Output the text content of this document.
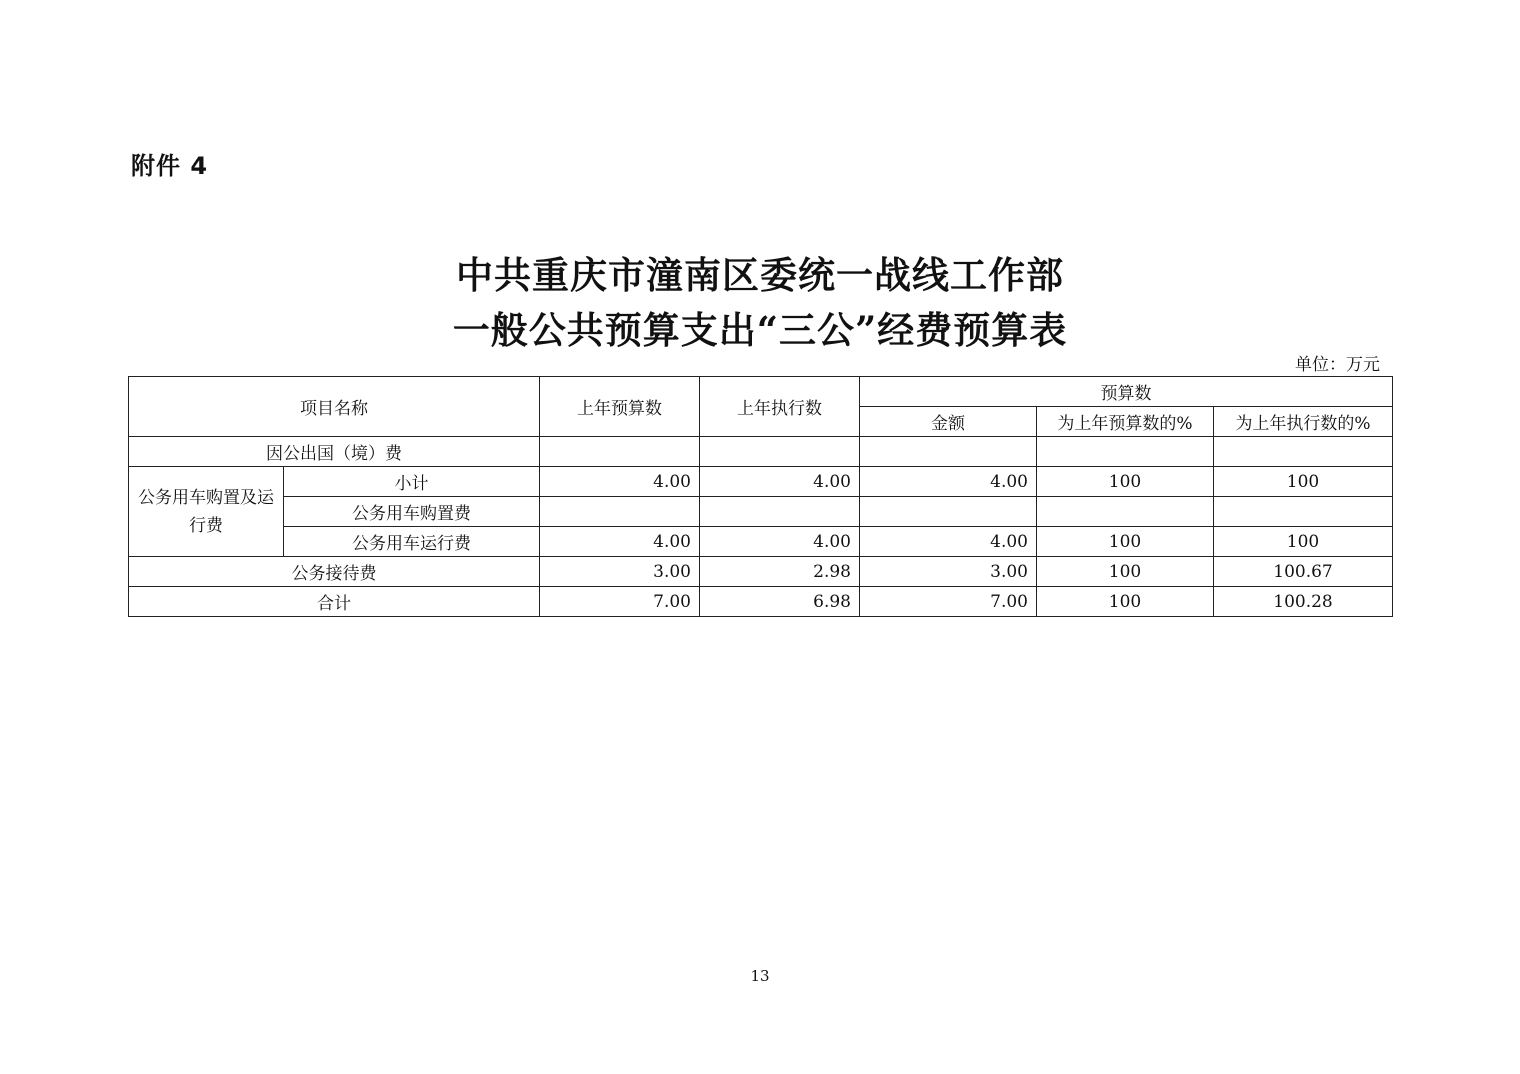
附件 4
中共重庆市潼南区委统一战线工作部
一般公共预算支出“三公”经费预算表
单位：万元
项目名称		上年预算数	上年执行数	预算数		
				金额	为上年预算数的%	为上年执行数的%
因公出国（境）费						
公务用车购置及运行费	小计	4.00	4.00	4.00	100	100
	公务用车购置费					
	公务用车运行费	4.00	4.00	4.00	100	100
公务接待费		3.00	2.98	3.00	100	100.67
合计		7.00	6.98	7.00	100	100.28
13
